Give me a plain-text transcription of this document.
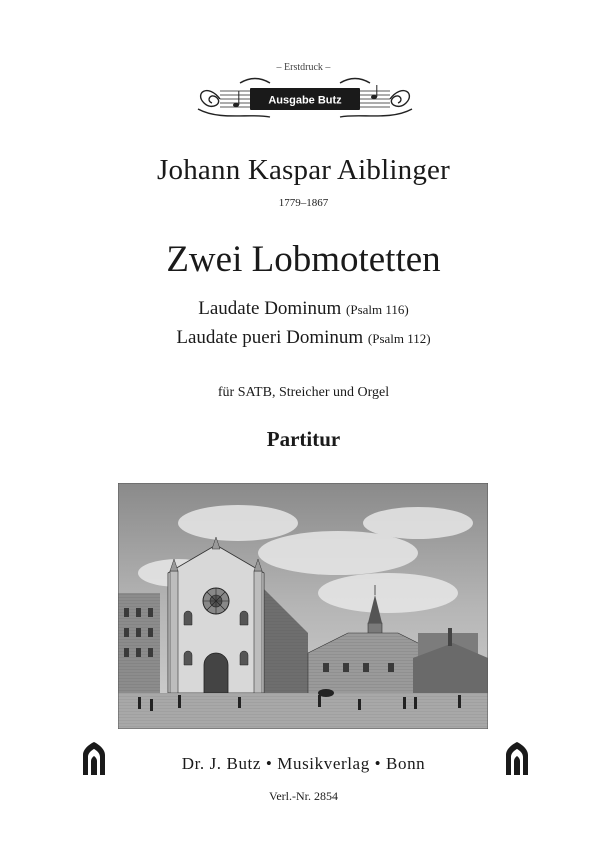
– Erstdruck –
Ausgabe Butz
Johann Kaspar Aiblinger
1779–1867
Zwei Lobmotetten
Laudate Dominum (Psalm 116)
Laudate pueri Dominum (Psalm 112)
für SATB, Streicher und Orgel
Partitur
Dr. J. Butz • Musikverlag • Bonn
Verl.-Nr. 2854
